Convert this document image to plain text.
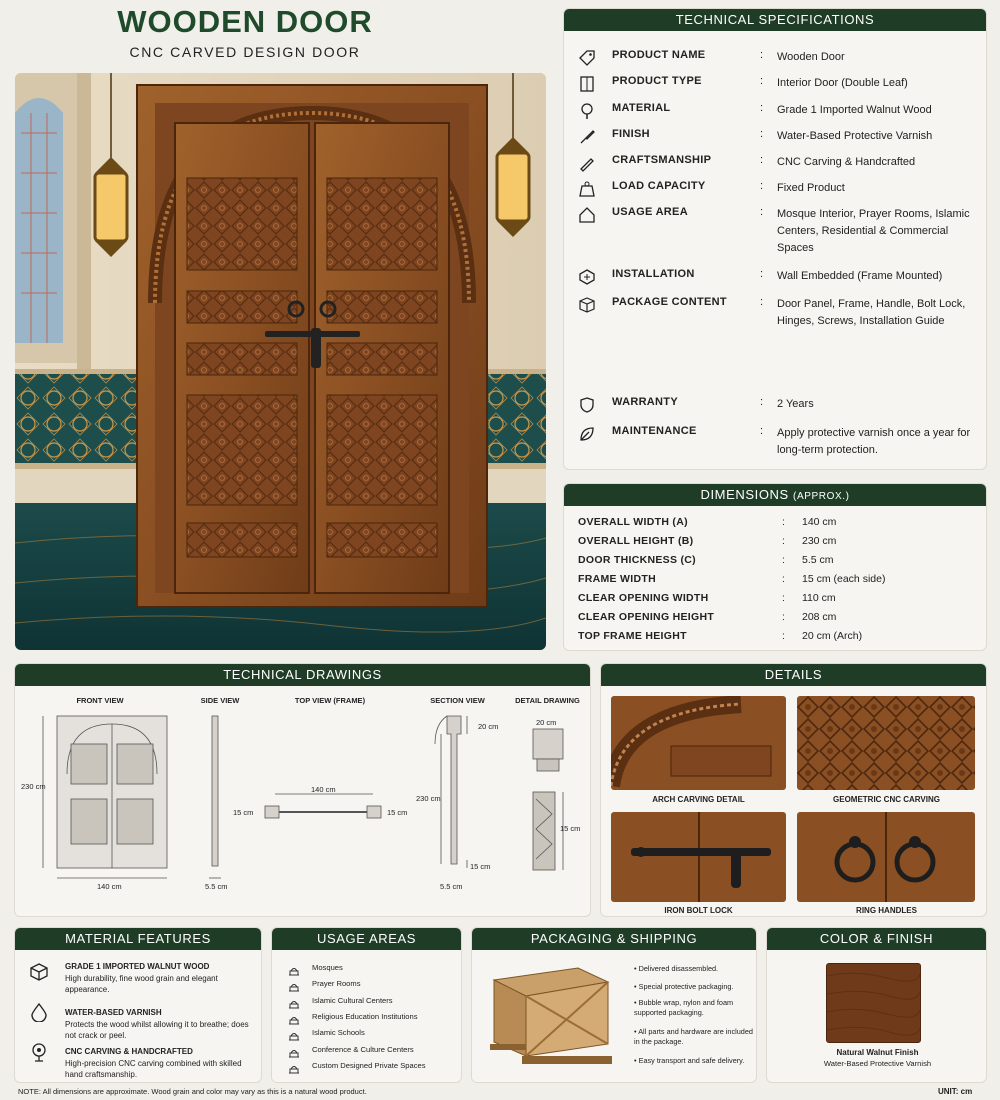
WOODEN DOOR
CNC CARVED DESIGN DOOR
TECHNICAL SPECIFICATIONS
PRODUCT NAME	: Wooden Door
PRODUCT TYPE	: Interior Door (Double Leaf)
MATERIAL	: Grade 1 Imported Walnut Wood
FINISH	: Water-Based Protective Varnish
CRAFTSMANSHIP	: CNC Carving & Handcrafted
LOAD CAPACITY	: Fixed Product
USAGE AREA	: Mosque Interior, Prayer Rooms, Islamic Centers, Residential & Commercial Spaces
INSTALLATION	: Wall Embedded (Frame Mounted)
PACKAGE CONTENT	: Door Panel, Frame, Handle, Bolt Lock, Hinges, Screws, Installation Guide
WARRANTY	: 2 Years
MAINTENANCE	: Apply protective varnish once a year for long-term protection.
DIMENSIONS (APPROX.)
OVERALL WIDTH (A)	: 140 cm
OVERALL HEIGHT (B)	: 230 cm
DOOR THICKNESS (C)	: 5.5 cm
FRAME WIDTH	: 15 cm (each side)
CLEAR OPENING WIDTH	: 110 cm
CLEAR OPENING HEIGHT	: 208 cm
TOP FRAME HEIGHT	: 20 cm (Arch)
TECHNICAL DRAWINGS
FRONT VIEW	SIDE VIEW	TOP VIEW (FRAME)	SECTION VIEW	DETAIL DRAWING
230 cm
140 cm	5.5 cm
140 cm
15 cm	15 cm
20 cm
230 cm
15 cm
5.5 cm
20 cm
15 cm
DETAILS
ARCH CARVING DETAIL	GEOMETRIC CNC CARVING
IRON BOLT LOCK	RING HANDLES
MATERIAL FEATURES
GRADE 1 IMPORTED WALNUT WOOD
High durability, fine wood grain and elegant appearance.
WATER-BASED VARNISH
Protects the wood whilst allowing it to breathe; does not crack or peel.
CNC CARVING & HANDCRAFTED
High-precision CNC carving combined with skilled hand craftsmanship.
USAGE AREAS
Mosques
Prayer Rooms
Islamic Cultural Centers
Religious Education Institutions
Islamic Schools
Conference & Culture Centers
Custom Designed Private Spaces
PACKAGING & SHIPPING
• Delivered disassembled.
• Special protective packaging.
• Bubble wrap, nylon and foam supported packaging.
• All parts and hardware are included in the package.
• Easy transport and safe delivery.
COLOR & FINISH
Natural Walnut Finish
Water-Based Protective Varnish
NOTE: All dimensions are approximate. Wood grain and color may vary as this is a natural wood product.	UNIT: cm
